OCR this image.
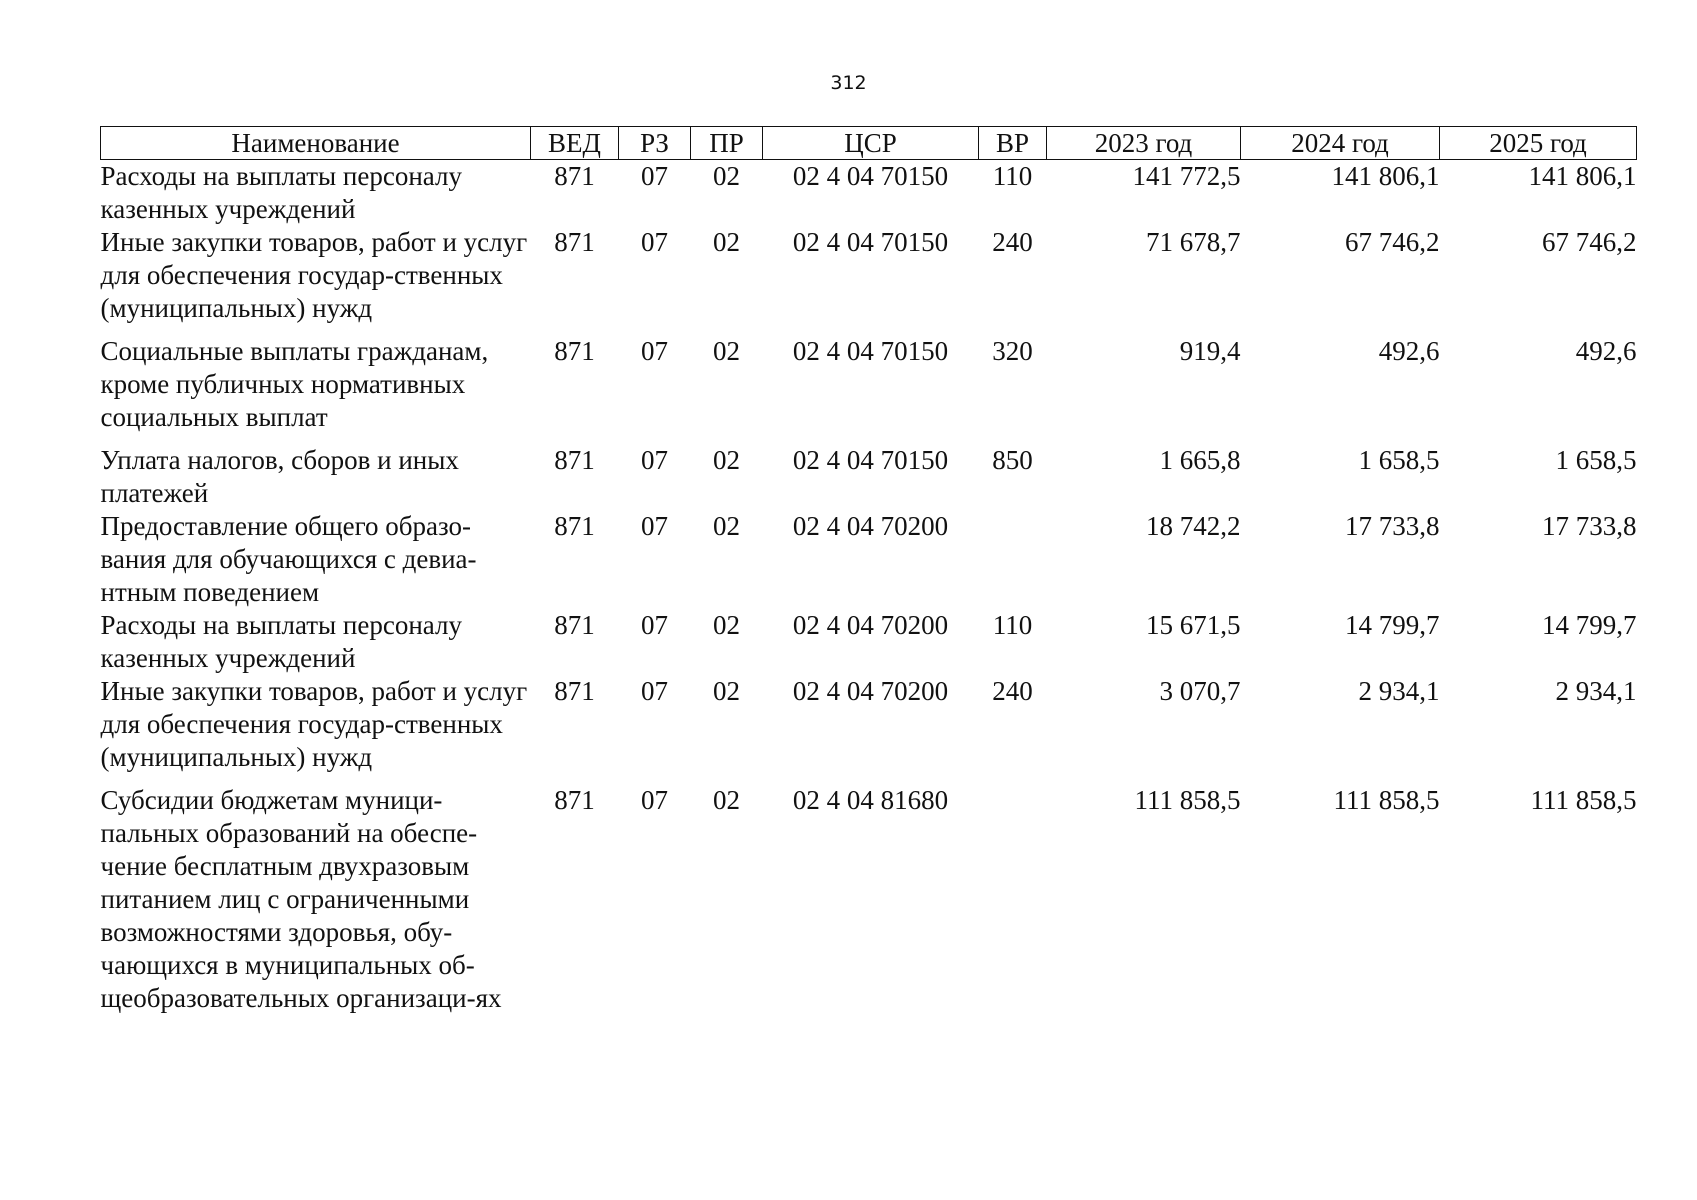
312
Наименование	ВЕД	РЗ	ПР	ЦСР	ВР	2023 год	2024 год	2025 год
Расходы на выплаты персоналу казенных учреждений	871	07	02	02 4 04 70150	110	141 772,5	141 806,1	141 806,1
Иные закупки товаров, работ и услуг для обеспечения государ-ственных (муниципальных) нужд	871	07	02	02 4 04 70150	240	71 678,7	67 746,2	67 746,2
Социальные выплаты гражданам, кроме публичных нормативных социальных выплат	871	07	02	02 4 04 70150	320	919,4	492,6	492,6
Уплата налогов, сборов и иных платежей	871	07	02	02 4 04 70150	850	1 665,8	1 658,5	1 658,5
Предоставление общего образо-вания для обучающихся с девиа-нтным поведением	871	07	02	02 4 04 70200		18 742,2	17 733,8	17 733,8
Расходы на выплаты персоналу казенных учреждений	871	07	02	02 4 04 70200	110	15 671,5	14 799,7	14 799,7
Иные закупки товаров, работ и услуг для обеспечения государ-ственных (муниципальных) нужд	871	07	02	02 4 04 70200	240	3 070,7	2 934,1	2 934,1
Субсидии бюджетам муници-пальных образований на обеспе-чение бесплатным двухразовым питанием лиц с ограниченными возможностями здоровья, обу-чающихся в муниципальных об-щеобразовательных организаци-ях	871	07	02	02 4 04 81680		111 858,5	111 858,5	111 858,5
